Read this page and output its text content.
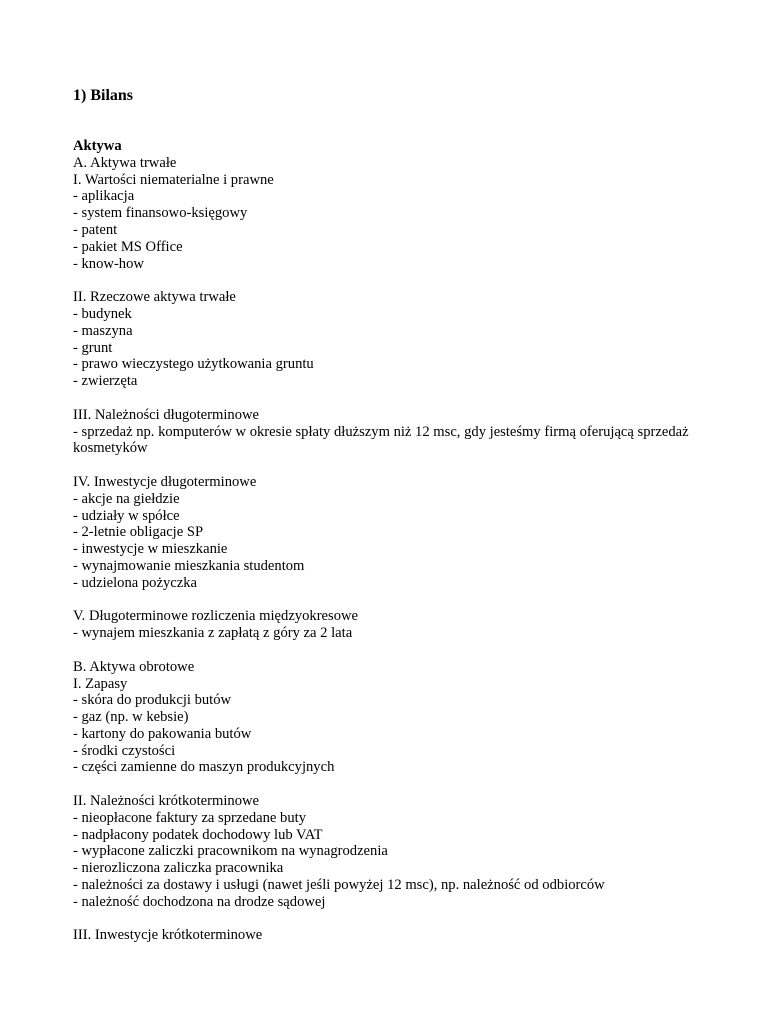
1) Bilans
Aktywa
A. Aktywa trwałe
I. Wartości niematerialne i prawne
- aplikacja
- system finansowo-księgowy
- patent
- pakiet MS Office
- know-how
II. Rzeczowe aktywa trwałe
- budynek
- maszyna
- grunt
- prawo wieczystego użytkowania gruntu
- zwierzęta
III. Należności długoterminowe
- sprzedaż np. komputerów w okresie spłaty dłuższym niż 12 msc, gdy jesteśmy firmą oferującą sprzedaż kosmetyków
IV. Inwestycje długoterminowe
- akcje na giełdzie
- udziały w spółce
- 2-letnie obligacje SP
- inwestycje w mieszkanie
- wynajmowanie mieszkania studentom
- udzielona pożyczka
V. Długoterminowe rozliczenia międzyokresowe
- wynajem mieszkania z zapłatą z góry za 2 lata
B. Aktywa obrotowe
I. Zapasy
- skóra do produkcji butów
- gaz (np. w kebsie)
- kartony do pakowania butów
- środki czystości
- części zamienne do maszyn produkcyjnych
II. Należności krótkoterminowe
- nieopłacone faktury za sprzedane buty
- nadpłacony podatek dochodowy lub VAT
- wypłacone zaliczki pracownikom na wynagrodzenia
- nierozliczona zaliczka pracownika
- należności za dostawy i usługi (nawet jeśli powyżej 12 msc), np. należność od odbiorców
- należność dochodzona na drodze sądowej
III. Inwestycje krótkoterminowe
